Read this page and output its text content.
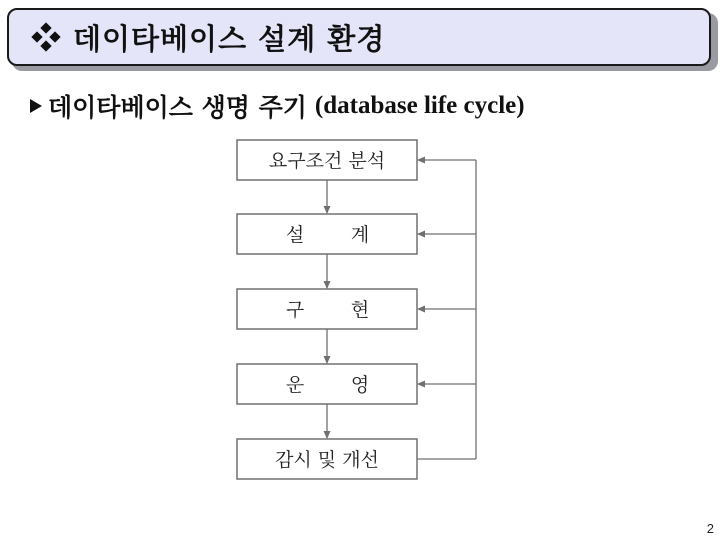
데이타베이스 설계 환경
데이타베이스 생명 주기 (database life cycle)
요구조건 분석
설 계
구 현
운 영
감시 및 개선
2
